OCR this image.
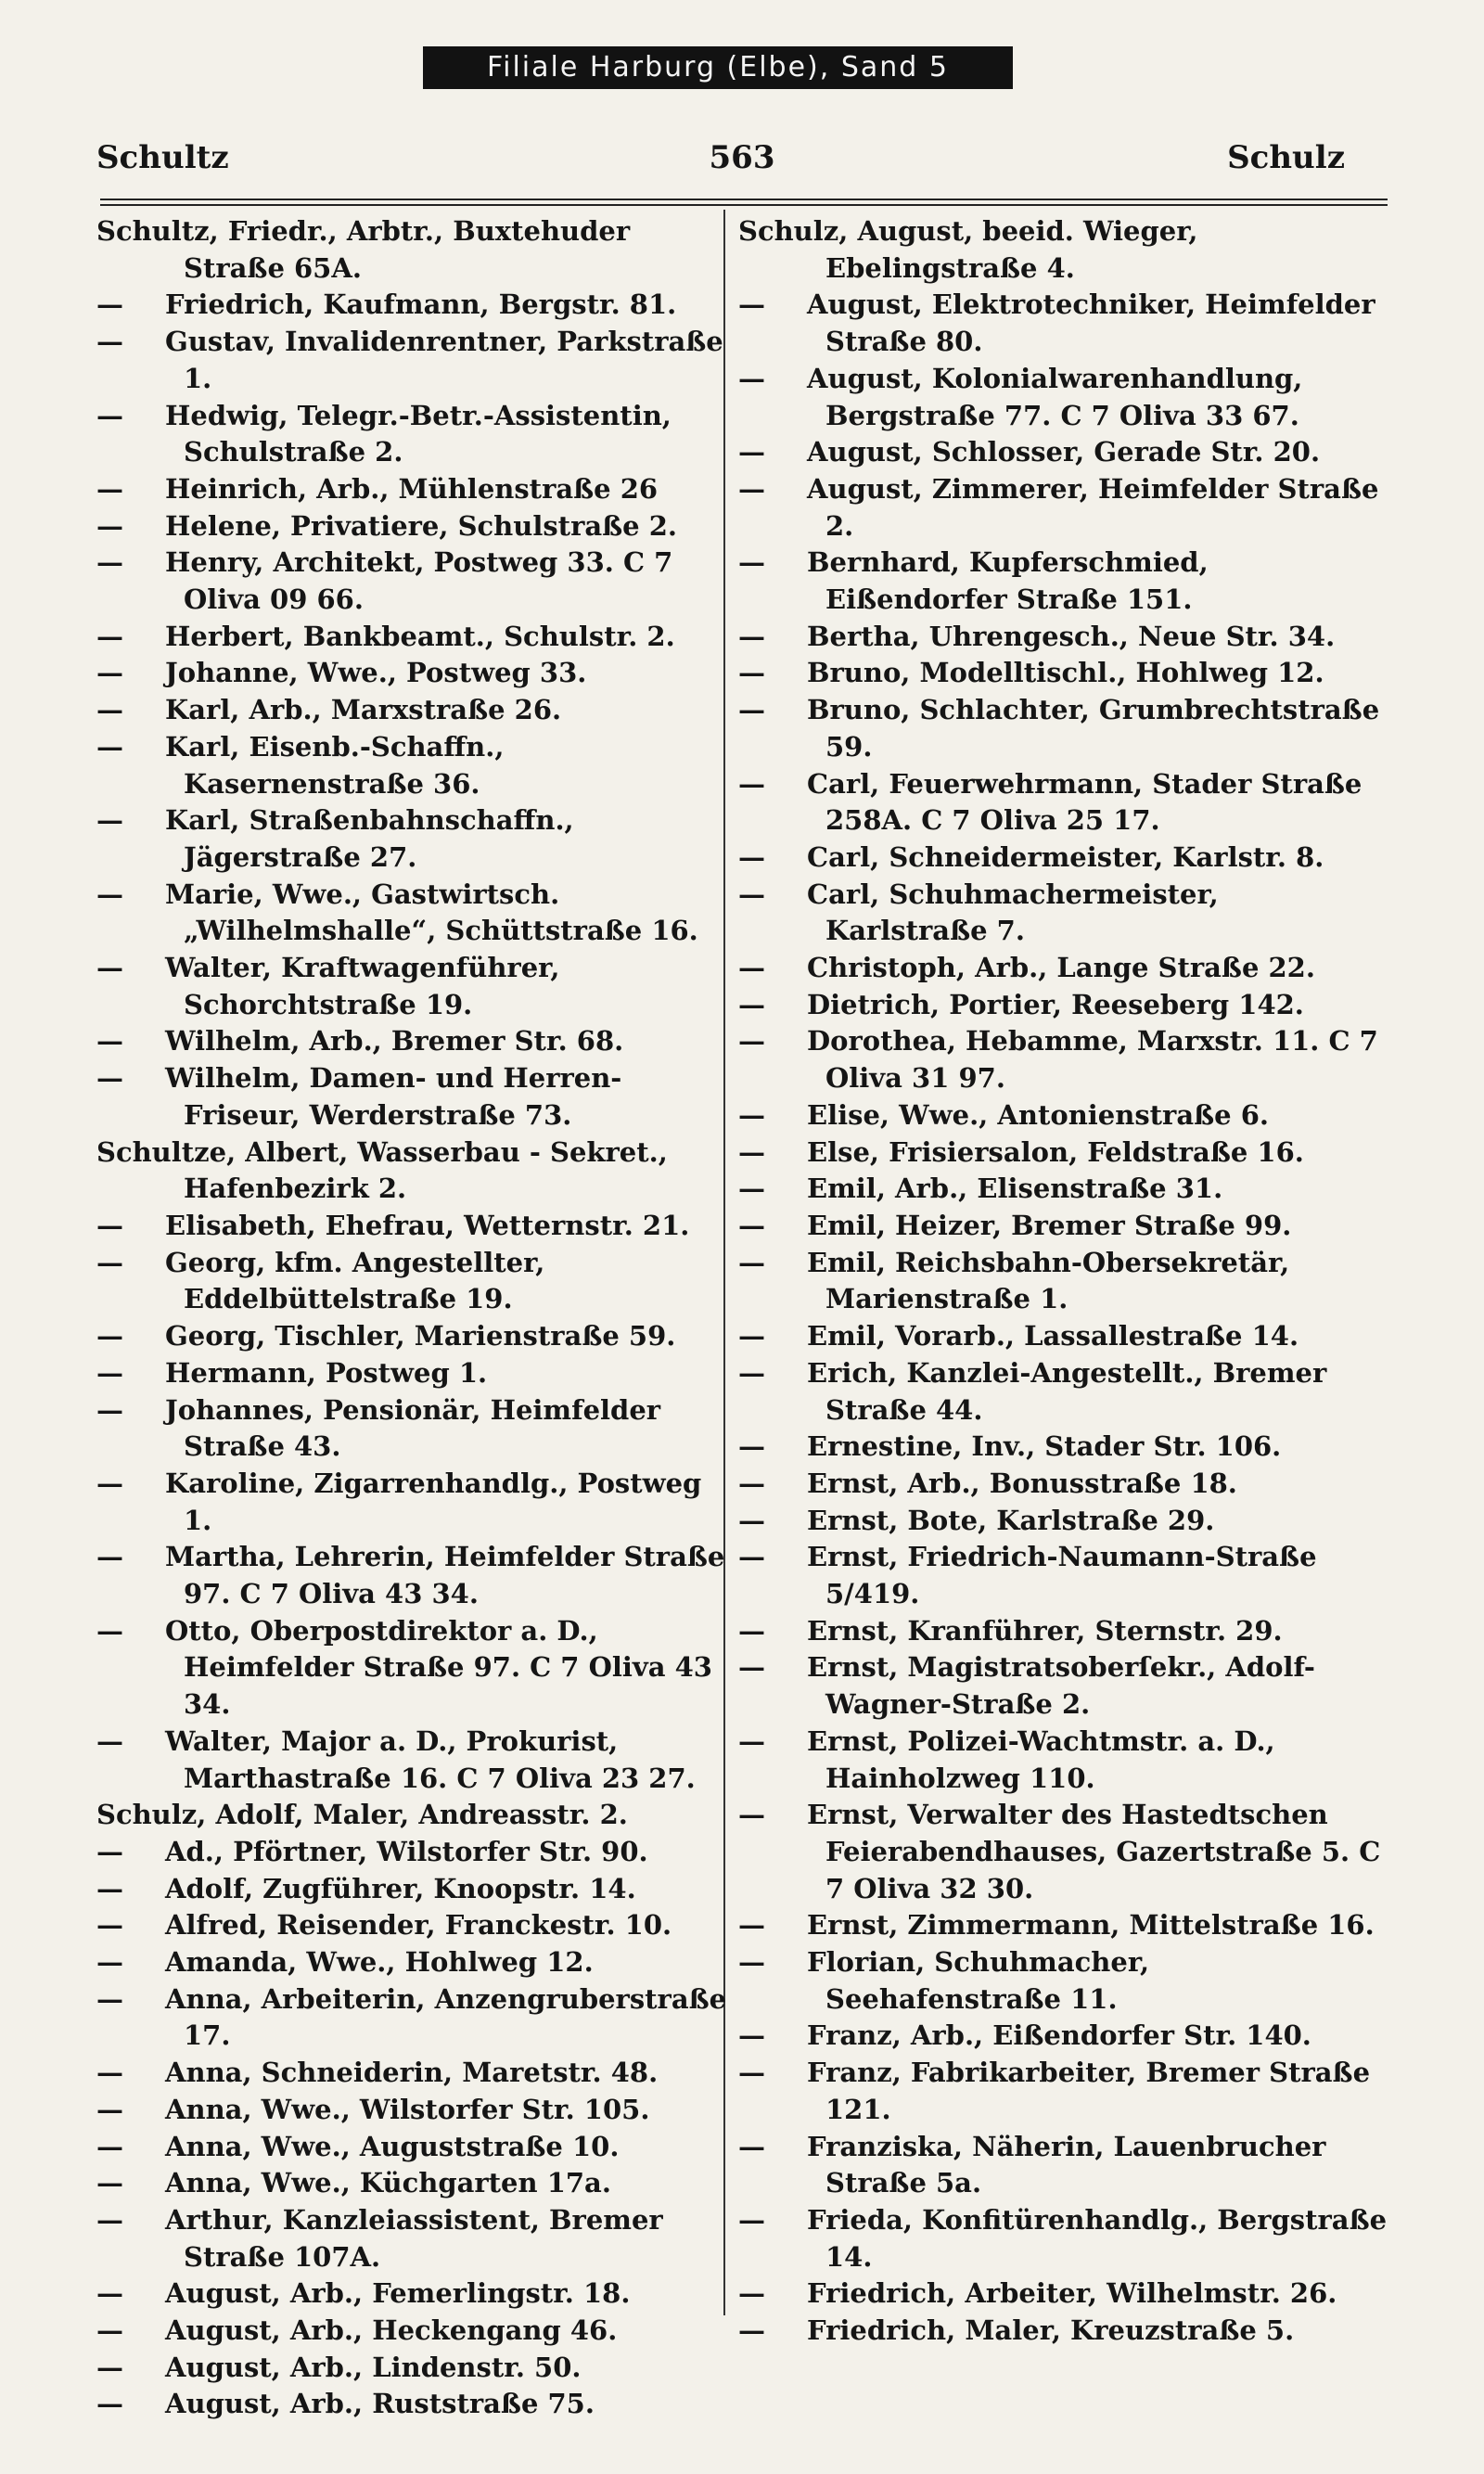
Filiale Harburg (Elbe), Sand 5
Schultz	563	Schulz
Schultz, Friedr., Arbtr., Buxtehuder Straße 65A.
—Friedrich, Kaufmann, Bergstr. 81.
—Gustav, Invalidenrentner, Parkstraße 1.
—Hedwig, Telegr.-Betr.-Assistentin, Schulstraße 2.
—Heinrich, Arb., Mühlenstraße 26
—Helene, Privatiere, Schulstraße 2.
—Henry, Architekt, Postweg 33. C 7 Oliva 09 66.
—Herbert, Bankbeamt., Schulstr. 2.
—Johanne, Wwe., Postweg 33.
—Karl, Arb., Marxstraße 26.
—Karl, Eisenb.-Schaffn., Kasernenstraße 36.
—Karl, Straßenbahnschaffn., Jägerstraße 27.
—Marie, Wwe., Gastwirtsch. „Wilhelmshalle“, Schüttstraße 16.
—Walter, Kraftwagenführer, Schorchtstraße 19.
—Wilhelm, Arb., Bremer Str. 68.
—Wilhelm, Damen- und Herren-Friseur, Werderstraße 73.
Schultze, Albert, Wasserbau - Sekret., Hafenbezirk 2.
—Elisabeth, Ehefrau, Wetternstr. 21.
—Georg, kfm. Angestellter, Eddelbüttelstraße 19.
—Georg, Tischler, Marienstraße 59.
—Hermann, Postweg 1.
—Johannes, Pensionär, Heimfelder Straße 43.
—Karoline, Zigarrenhandlg., Postweg 1.
—Martha, Lehrerin, Heimfelder Straße 97. C 7 Oliva 43 34.
—Otto, Oberpostdirektor a. D., Heimfelder Straße 97. C 7 Oliva 43 34.
—Walter, Major a. D., Prokurist, Marthastraße 16. C 7 Oliva 23 27.
Schulz, Adolf, Maler, Andreasstr. 2.
—Ad., Pförtner, Wilstorfer Str. 90.
—Adolf, Zugführer, Knoopstr. 14.
—Alfred, Reisender, Franckestr. 10.
—Amanda, Wwe., Hohlweg 12.
—Anna, Arbeiterin, Anzengruberstraße 17.
—Anna, Schneiderin, Maretstr. 48.
—Anna, Wwe., Wilstorfer Str. 105.
—Anna, Wwe., Auguststraße 10.
—Anna, Wwe., Küchgarten 17a.
—Arthur, Kanzleiassistent, Bremer Straße 107A.
—August, Arb., Femerlingstr. 18.
—August, Arb., Heckengang 46.
—August, Arb., Lindenstr. 50.
—August, Arb., Ruststraße 75.
Schulz, August, beeid. Wieger, Ebelingstraße 4.
—August, Elektrotechniker, Heimfelder Straße 80.
—August, Kolonialwarenhandlung, Bergstraße 77. C 7 Oliva 33 67.
—August, Schlosser, Gerade Str. 20.
—August, Zimmerer, Heimfelder Straße 2.
—Bernhard, Kupferschmied, Eißendorfer Straße 151.
—Bertha, Uhrengesch., Neue Str. 34.
—Bruno, Modelltischl., Hohlweg 12.
—Bruno, Schlachter, Grumbrechtstraße 59.
—Carl, Feuerwehrmann, Stader Straße 258A. C 7 Oliva 25 17.
—Carl, Schneidermeister, Karlstr. 8.
—Carl, Schuhmachermeister, Karlstraße 7.
—Christoph, Arb., Lange Straße 22.
—Dietrich, Portier, Reeseberg 142.
—Dorothea, Hebamme, Marxstr. 11. C 7 Oliva 31 97.
—Elise, Wwe., Antonienstraße 6.
—Else, Frisiersalon, Feldstraße 16.
—Emil, Arb., Elisenstraße 31.
—Emil, Heizer, Bremer Straße 99.
—Emil, Reichsbahn-Obersekretär, Marienstraße 1.
—Emil, Vorarb., Lassallestraße 14.
—Erich, Kanzlei-Angestellt., Bremer Straße 44.
—Ernestine, Inv., Stader Str. 106.
—Ernst, Arb., Bonusstraße 18.
—Ernst, Bote, Karlstraße 29.
—Ernst, Friedrich-Naumann-Straße 5/419.
—Ernst, Kranführer, Sternstr. 29.
—Ernst, Magistratsoberſekr., Adolf-Wagner-Straße 2.
—Ernst, Polizei-Wachtmstr. a. D., Hainholzweg 110.
—Ernst, Verwalter des Hastedtschen Feierabendhauses, Gazertstraße 5. C 7 Oliva 32 30.
—Ernst, Zimmermann, Mittelstraße 16.
—Florian, Schuhmacher, Seehafenstraße 11.
—Franz, Arb., Eißendorfer Str. 140.
—Franz, Fabrikarbeiter, Bremer Straße 121.
—Franziska, Näherin, Lauenbrucher Straße 5a.
—Frieda, Konfitürenhandlg., Bergstraße 14.
—Friedrich, Arbeiter, Wilhelmstr. 26.
—Friedrich, Maler, Kreuzstraße 5.
